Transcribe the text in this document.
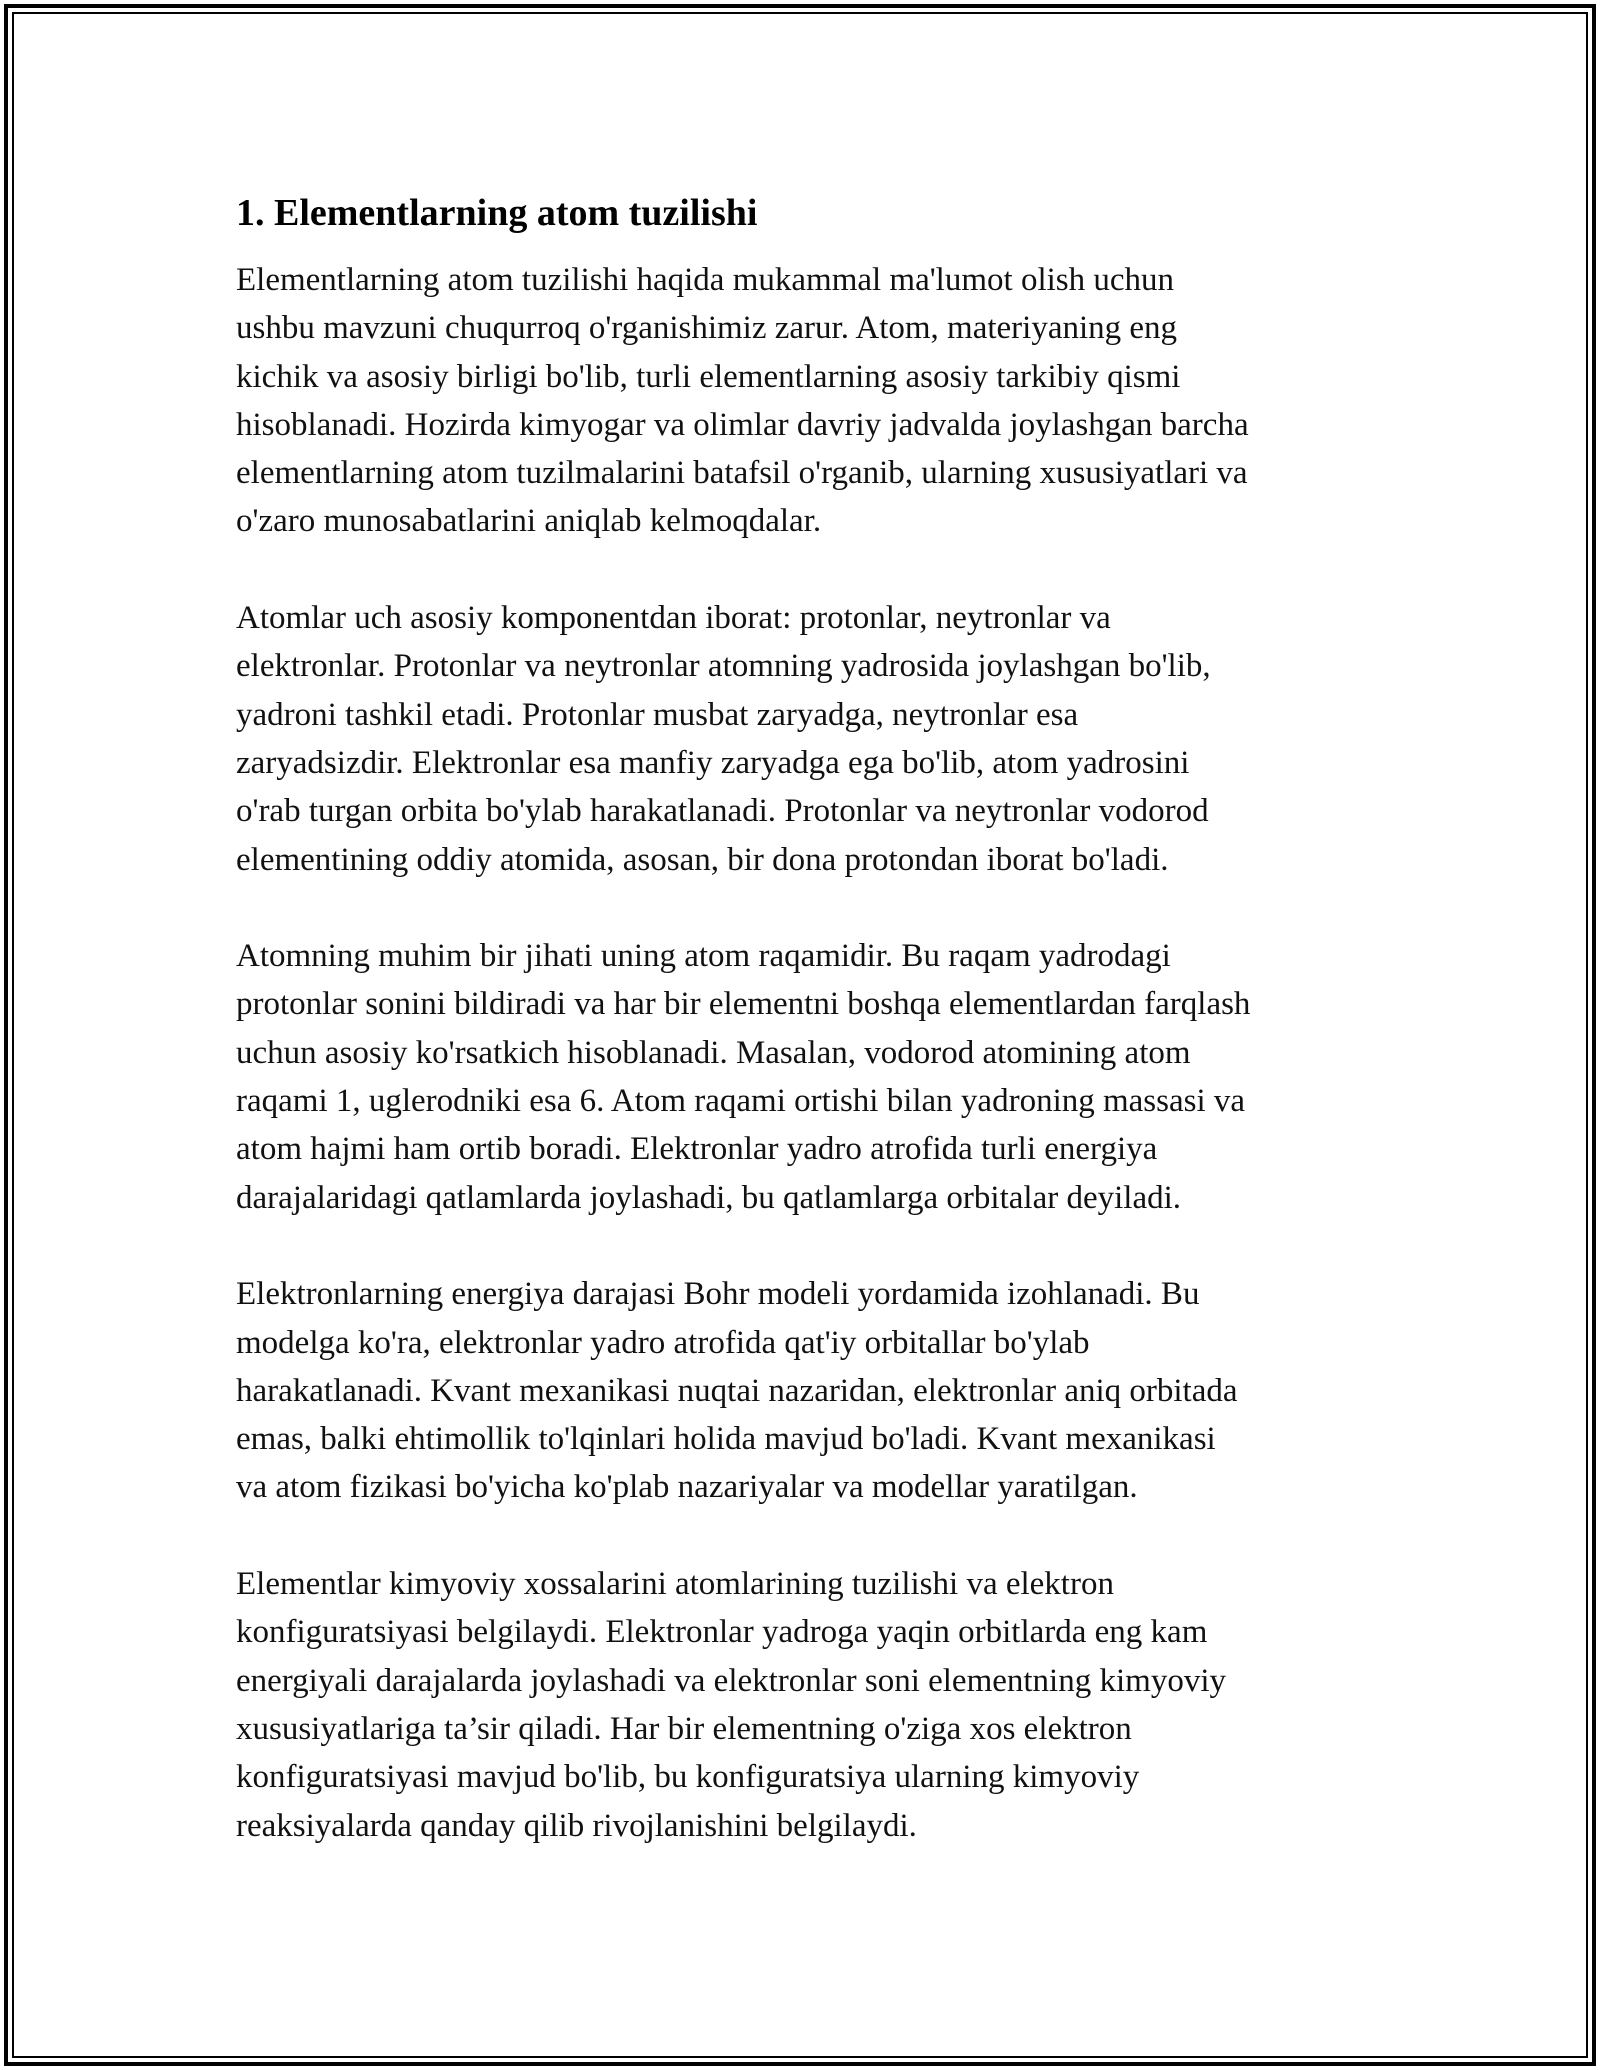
1. Elementlarning atom tuzilishi

Elementlarning atom tuzilishi haqida mukammal ma'lumot olish uchun
ushbu mavzuni chuqurroq o'rganishimiz zarur. Atom, materiyaning eng
kichik va asosiy birligi bo'lib, turli elementlarning asosiy tarkibiy qismi
hisoblanadi. Hozirda kimyogar va olimlar davriy jadvalda joylashgan barcha
elementlarning atom tuzilmalarini batafsil o'rganib, ularning xususiyatlari va
o'zaro munosabatlarini aniqlab kelmoqdalar.

Atomlar uch asosiy komponentdan iborat: protonlar, neytronlar va
elektronlar. Protonlar va neytronlar atomning yadrosida joylashgan bo'lib,
yadroni tashkil etadi. Protonlar musbat zaryadga, neytronlar esa
zaryadsizdir. Elektronlar esa manfiy zaryadga ega bo'lib, atom yadrosini
o'rab turgan orbita bo'ylab harakatlanadi. Protonlar va neytronlar vodorod
elementining oddiy atomida, asosan, bir dona protondan iborat bo'ladi.

Atomning muhim bir jihati uning atom raqamidir. Bu raqam yadrodagi
protonlar sonini bildiradi va har bir elementni boshqa elementlardan farqlash
uchun asosiy ko'rsatkich hisoblanadi. Masalan, vodorod atomining atom
raqami 1, uglerodniki esa 6. Atom raqami ortishi bilan yadroning massasi va
atom hajmi ham ortib boradi. Elektronlar yadro atrofida turli energiya
darajalaridagi qatlamlarda joylashadi, bu qatlamlarga orbitalar deyiladi.

Elektronlarning energiya darajasi Bohr modeli yordamida izohlanadi. Bu
modelga ko'ra, elektronlar yadro atrofida qat'iy orbitallar bo'ylab
harakatlanadi. Kvant mexanikasi nuqtai nazaridan, elektronlar aniq orbitada
emas, balki ehtimollik to'lqinlari holida mavjud bo'ladi. Kvant mexanikasi
va atom fizikasi bo'yicha ko'plab nazariyalar va modellar yaratilgan.

Elementlar kimyoviy xossalarini atomlarining tuzilishi va elektron
konfiguratsiyasi belgilaydi. Elektronlar yadroga yaqin orbitlarda eng kam
energiyali darajalarda joylashadi va elektronlar soni elementning kimyoviy
xususiyatlariga ta’sir qiladi. Har bir elementning o'ziga xos elektron
konfiguratsiyasi mavjud bo'lib, bu konfiguratsiya ularning kimyoviy
reaksiyalarda qanday qilib rivojlanishini belgilaydi.
